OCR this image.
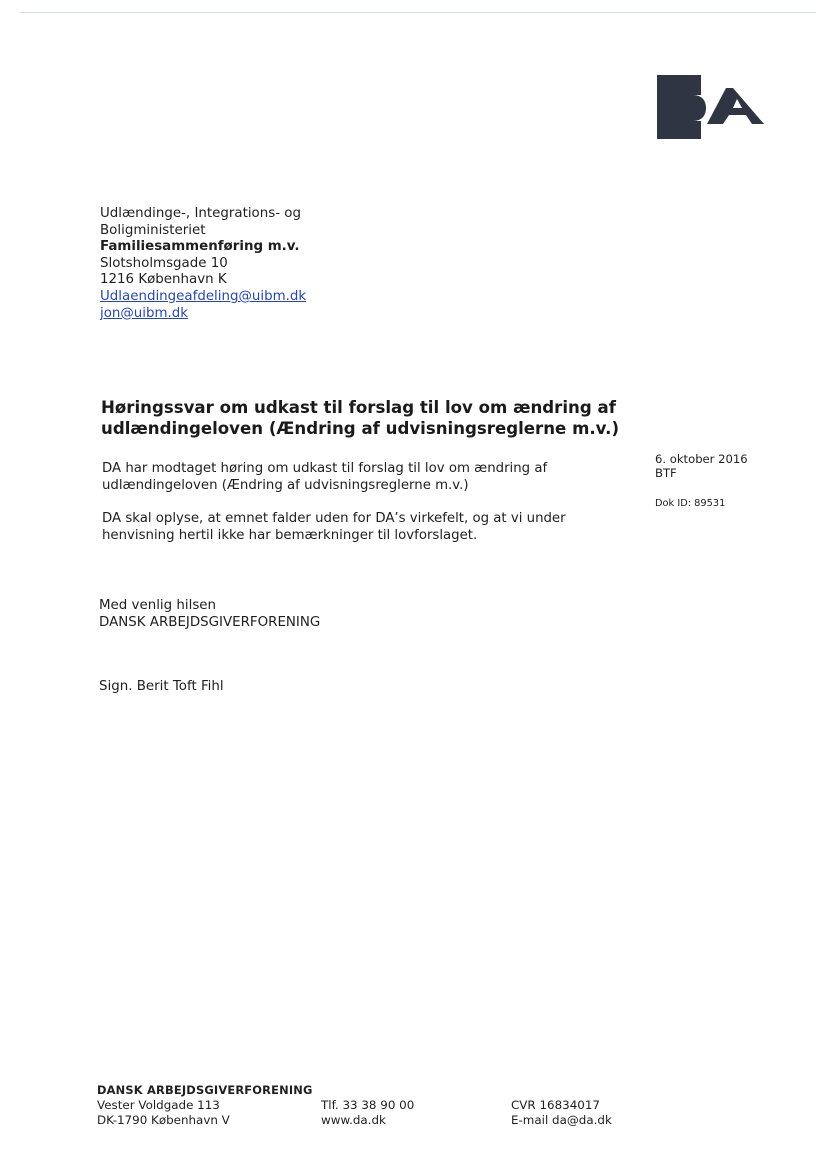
Udlændinge-, Integrations- og
Boligministeriet
Familiesammenføring m.v.
Slotsholmsgade 10
1216 København K
Udlaendingeafdeling@uibm.dk
jon@uibm.dk
Høringssvar om udkast til forslag til lov om ændring af udlændingeloven (Ændring af udvisningsreglerne m.v.)

DA har modtaget høring om udkast til forslag til lov om ændring af udlændingeloven (Ændring af udvisningsreglerne m.v.)

DA skal oplyse, at emnet falder uden for DA’s virkefelt, og at vi under henvisning hertil ikke har bemærkninger til lovforslaget.

6. oktober 2016
BTF
Dok ID: 89531
Med venlig hilsen
DANSK ARBEJDSGIVERFORENING
Sign. Berit Toft Fihl
DANSK ARBEJDSGIVERFORENING
Vester Voldgade 113
DK-1790 København V
Tlf. 33 38 90 00
www.da.dk
CVR 16834017
E-mail da@da.dk
